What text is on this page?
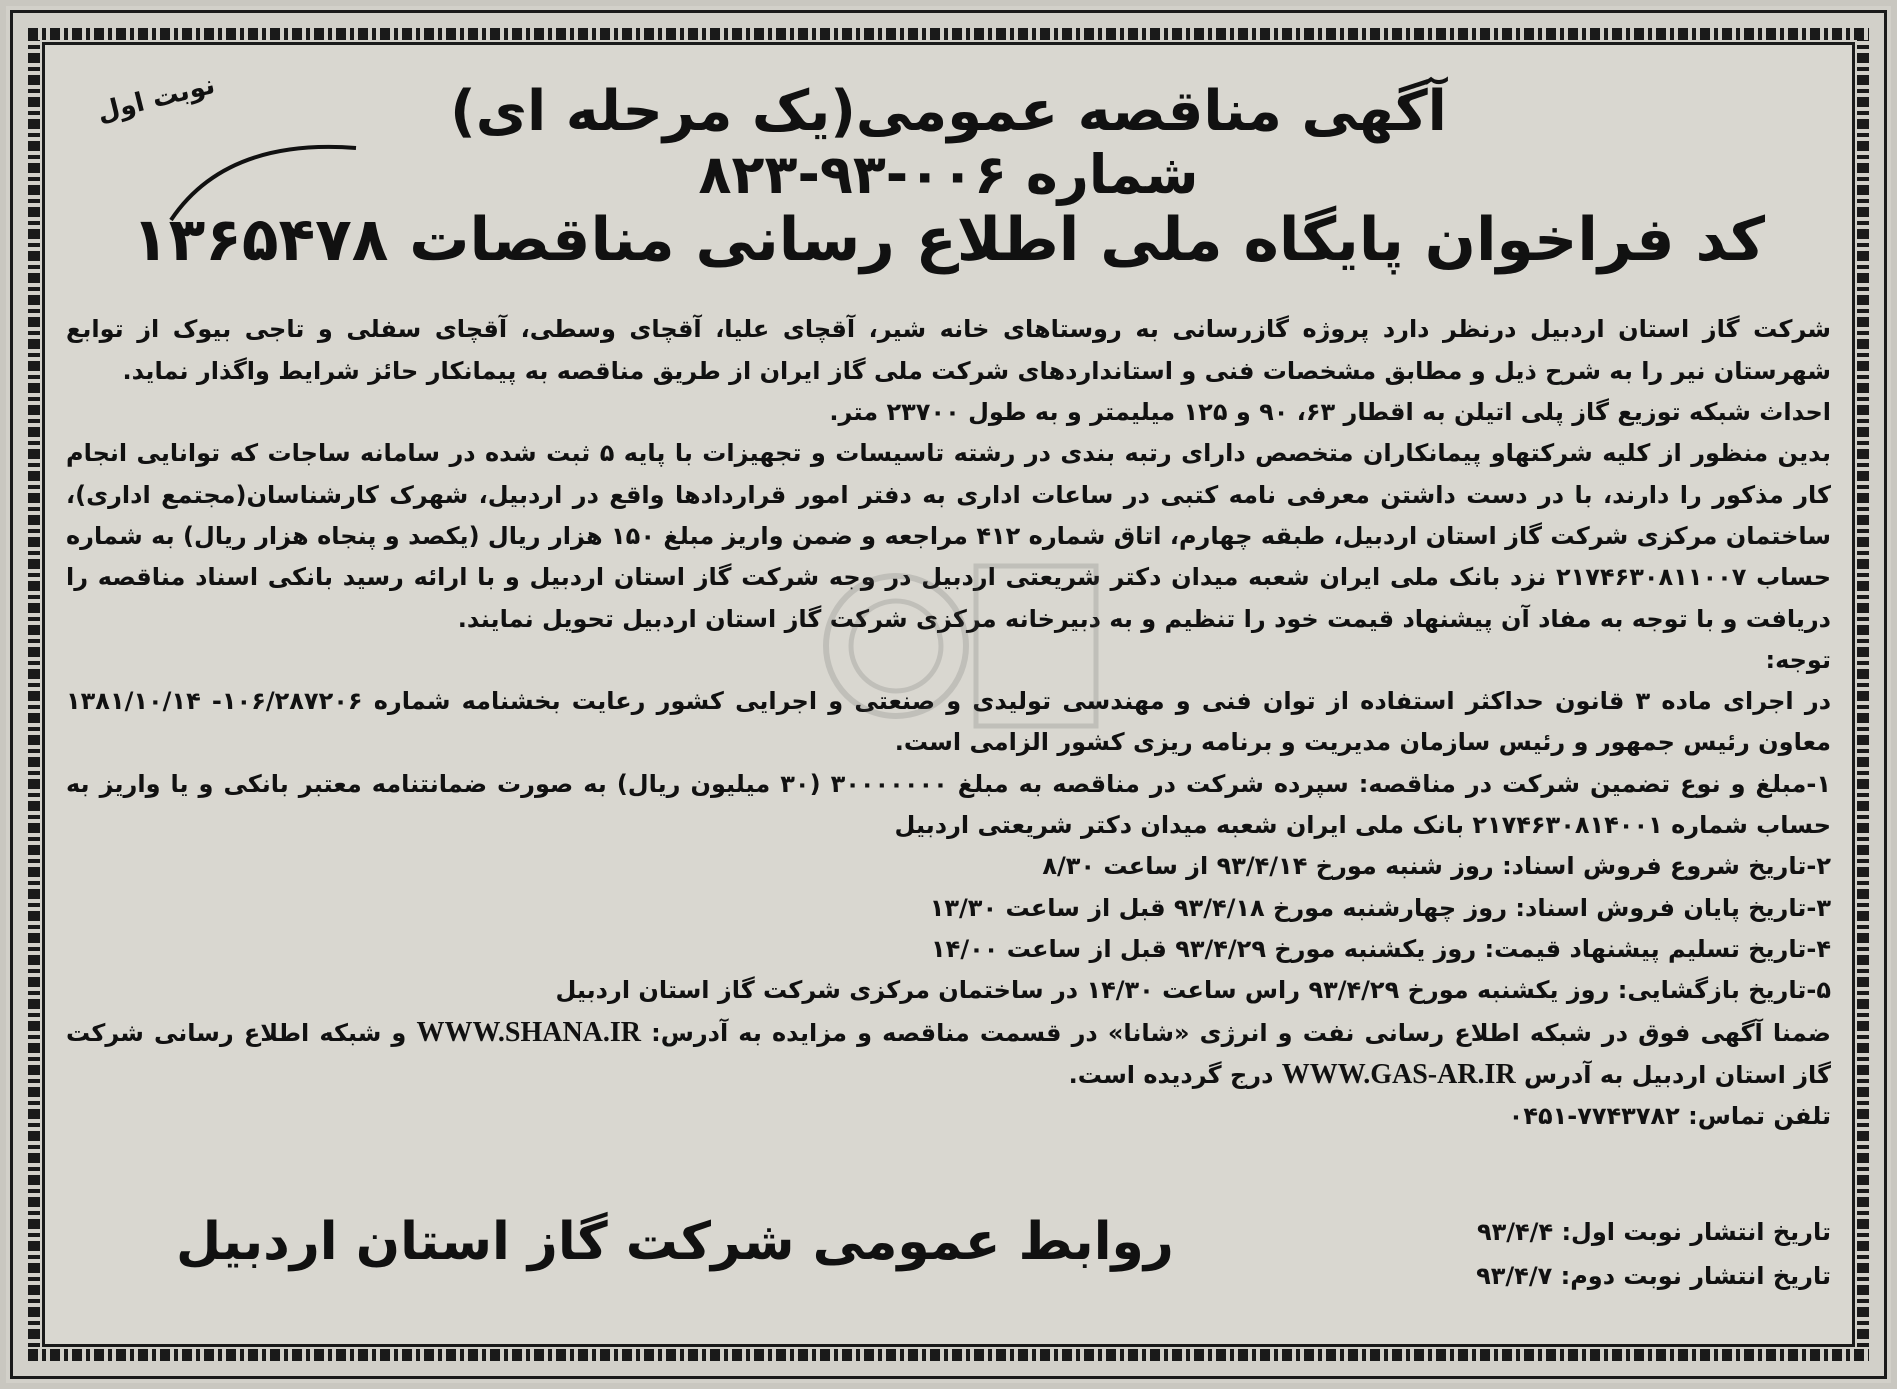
نوبت اول	آگهی مناقصه عمومی(یک مرحله ای)
شماره ۰۰۶-۹۳-۸۲۳
کد فراخوان پایگاه ملی اطلاع رسانی مناقصات ۱۳۶۵۴۷۸

شرکت گاز استان اردبیل درنظر دارد پروژه گازرسانی به روستاهای خانه شیر، آقچای علیا، آقچای وسطی، آقچای سفلی و تاجی بیوک از توابع شهرستان نیر را به شرح ذیل و مطابق مشخصات فنی و استانداردهای شرکت ملی گاز ایران از طریق مناقصه به پیمانکار حائز شرایط واگذار نماید.

احداث شبکه توزیع گاز پلی اتیلن به اقطار ۶۳، ۹۰ و ۱۲۵ میلیمتر و به طول ۲۳۷۰۰ متر.

بدین منظور از کلیه شرکتهاو پیمانکاران متخصص دارای رتبه بندی در رشته تاسیسات و تجهیزات با پایه ۵ ثبت شده در سامانه ساجات که توانایی انجام کار مذکور را دارند، با در دست داشتن معرفی نامه کتبی در ساعات اداری به دفتر امور قراردادها واقع در اردبیل، شهرک کارشناسان(مجتمع اداری)، ساختمان مرکزی شرکت گاز استان اردبیل، طبقه چهارم، اتاق شماره ۴۱۲ مراجعه و ضمن واریز مبلغ ۱۵۰ هزار ریال (یکصد و پنجاه هزار ریال) به شماره حساب ۲۱۷۴۶۳۰۸۱۱۰۰۷ نزد بانک ملی ایران شعبه میدان دکتر شریعتی اردبیل در وجه شرکت گاز استان اردبیل و با ارائه رسید بانکی اسناد مناقصه را دریافت و با توجه به مفاد آن پیشنهاد قیمت خود را تنظیم و به دبیرخانه مرکزی شرکت گاز استان اردبیل تحویل نمایند.

توجه:

در اجرای ماده ۳ قانون حداکثر استفاده از توان فنی و مهندسی تولیدی و صنعتی و اجرایی کشور رعایت بخشنامه شماره ۱۰۶/۲۸۷۲۰۶- ۱۳۸۱/۱۰/۱۴ معاون رئیس جمهور و رئیس سازمان مدیریت و برنامه ریزی کشور الزامی است.

۱-مبلغ و نوع تضمین شرکت در مناقصه: سپرده شرکت در مناقصه به مبلغ ۳۰۰۰۰۰۰۰ (۳۰ میلیون ریال) به صورت ضمانتنامه معتبر بانکی و یا واریز به حساب شماره ۲۱۷۴۶۳۰۸۱۴۰۰۱ بانک ملی ایران شعبه میدان دکتر شریعتی اردبیل

۲-تاریخ شروع فروش اسناد: روز شنبه مورخ ۹۳/۴/۱۴ از ساعت ۸/۳۰

۳-تاریخ پایان فروش اسناد: روز چهارشنبه مورخ ۹۳/۴/۱۸ قبل از ساعت ۱۳/۳۰

۴-تاریخ تسلیم پیشنهاد قیمت: روز یکشنبه مورخ ۹۳/۴/۲۹ قبل از ساعت ۱۴/۰۰

۵-تاریخ بازگشایی: روز یکشنبه مورخ ۹۳/۴/۲۹ راس ساعت ۱۴/۳۰ در ساختمان مرکزی شرکت گاز استان اردبیل

ضمنا آگهی فوق در شبکه اطلاع رسانی نفت و انرژی «شانا» در قسمت مناقصه و مزایده به آدرس: WWW.SHANA.IR و شبکه اطلاع رسانی شرکت گاز استان اردبیل به آدرس WWW.GAS-AR.IR درج گردیده است.

تلفن تماس: ۷۷۴۳۷۸۲-۰۴۵۱

تاریخ انتشار نوبت اول: ۹۳/۴/۴
تاریخ انتشار نوبت دوم: ۹۳/۴/۷
روابط عمومی شرکت گاز استان اردبیل
